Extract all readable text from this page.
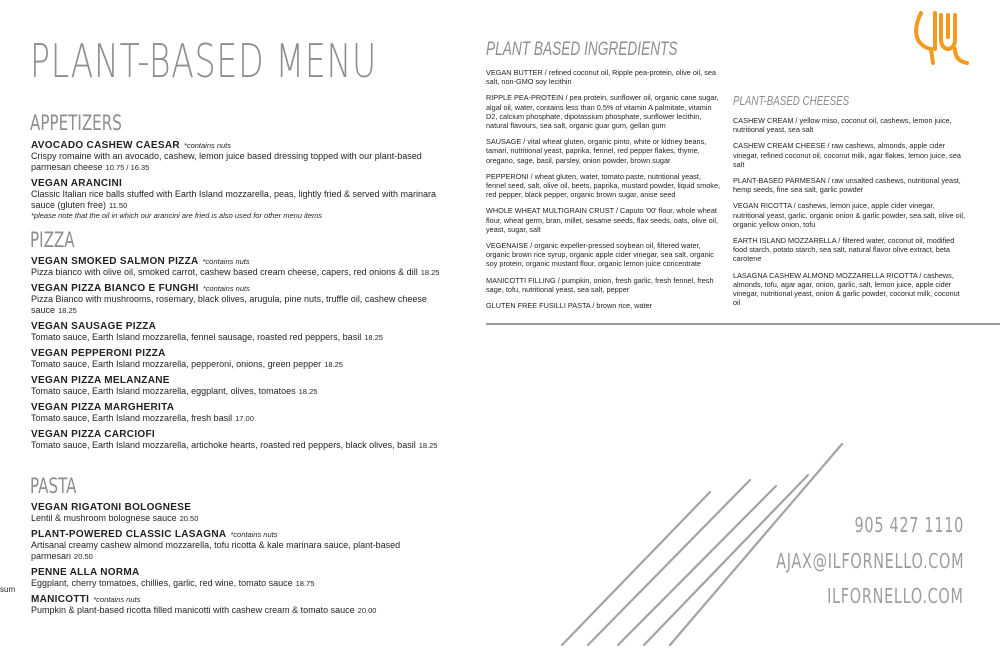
PLANT-BASED MENU
APPETIZERS
AVOCADO CASHEW CAESAR *contains nuts
Crispy romaine with an avocado, cashew, lemon juice based dressing topped with our plant-based parmesan cheese 10.75 / 16.35
VEGAN ARANCINI
Classic Italian rice balls stuffed with Earth Island mozzarella, peas, lightly fried & served with marinara sauce (gluten free) 11.50
*please note that the oil in which our arancini are fried is also used for other menu items
PIZZA
VEGAN SMOKED SALMON PIZZA *contains nuts
Pizza bianco with olive oil, smoked carrot, cashew based cream cheese, capers, red onions & dill 18.25
VEGAN PIZZA BIANCO E FUNGHI *contains nuts
Pizza Bianco with mushrooms, rosemary, black olives, arugula, pine nuts, truffle oil, cashew cheese sauce 18.25
VEGAN SAUSAGE PIZZA
Tomato sauce, Earth Island mozzarella, fennel sausage, roasted red peppers, basil 18.25
VEGAN PEPPERONI PIZZA
Tomato sauce, Earth Island mozzarella, pepperoni, onions, green pepper 18.25
VEGAN PIZZA MELANZANE
Tomato sauce, Earth Island mozzarella, eggplant, olives, tomatoes 18.25
VEGAN PIZZA MARGHERITA
Tomato sauce, Earth Island mozzarella, fresh basil 17.00
VEGAN PIZZA CARCIOFI
Tomato sauce, Earth Island mozzarella, artichoke hearts, roasted red peppers, black olives, basil 18.25
PASTA
VEGAN RIGATONI BOLOGNESE
Lentil & mushroom bolognese sauce 20.50
PLANT-POWERED CLASSIC LASAGNA *contains nuts
Artisanal creamy cashew almond mozzarella, tofu ricotta & kale marinara sauce, plant-based parmesan 20.50
PENNE ALLA NORMA
Eggplant, cherry tomatoes, chillies, garlic, red wine, tomato sauce 18.75
MANICOTTI *contains nuts
Pumpkin & plant-based ricotta filled manicotti with cashew cream & tomato sauce 20.00
sum
PLANT BASED INGREDIENTS

VEGAN BUTTER / refined coconut oil, Ripple pea-protein, olive oil, sea salt, non-GMO soy lecithin

RIPPLE PEA-PROTEIN / pea protein, sunflower oil, organic cane sugar, algal oil, water, contains less than 0.5% of vitamin A palmitate, vitamin D2, calcium phosphate, dipotassium phosphate, sunflower lecithin, natural flavours, sea salt, organic guar gum, gellan gum

SAUSAGE / vital wheat gluten, organic pinto, white or kidney beans, tamari, nutritional yeast, paprika, fennel, red pepper flakes, thyme, oregano, sage, basil, parsley, onion powder, brown sugar

PEPPERONI / wheat gluten, water, tomato paste, nutritional yeast, fennel seed, salt, olive oil, beets, paprika, mustard powder, liquid smoke, red pepper, black pepper, organic brown sugar, anise seed

WHOLE WHEAT MULTIGRAIN CRUST / Caputo '00' flour, whole wheat flour, wheat germ, bran, millet, sesame seeds, flax seeds, oats, olive oil, yeast, sugar, salt

VEGENAISE / organic expeller-pressed soybean oil, filtered water, organic brown rice syrup, organic apple cider vinegar, sea salt, organic soy protein, organic mustard flour, organic lemon juice concentrate

MANICOTTI FILLING / pumpkin, onion, fresh garlic, fresh fennel, fresh sage, tofu, nutritional yeast, sea salt, pepper

GLUTEN FREE FUSILLI PASTA / brown rice, water

PLANT-BASED CHEESES

CASHEW CREAM / yellow miso, coconut oil, cashews, lemon juice, nutritional yeast, sea salt

CASHEW CREAM CHEESE / raw cashews, almonds, apple cider vinegar, refined coconut oil, coconut milk, agar flakes, lemon juice, sea salt

PLANT-BASED PARMESAN / raw unsalted cashews, nutritional yeast, hemp seeds, fine sea salt, garlic powder

VEGAN RICOTTA / cashews, lemon juice, apple cider vinegar, nutritional yeast, garlic, organic onion & garlic powder, sea salt, olive oil, organic yellow onion, tofu

EARTH ISLAND MOZZARELLA / filtered water, coconut oil, modified food starch, potato starch, sea salt, natural flavor olive extract, beta carotene

LASAGNA CASHEW ALMOND MOZZARELLA RICOTTA / cashews, almonds, tofu, agar agar, onion, garlic, salt, lemon juice, apple cider vinegar, nutritional yeast, onion & garlic powder, coconut milk, coconut oil

905 427 1110

AJAX@ILFORNELLO.COM

ILFORNELLO.COM
